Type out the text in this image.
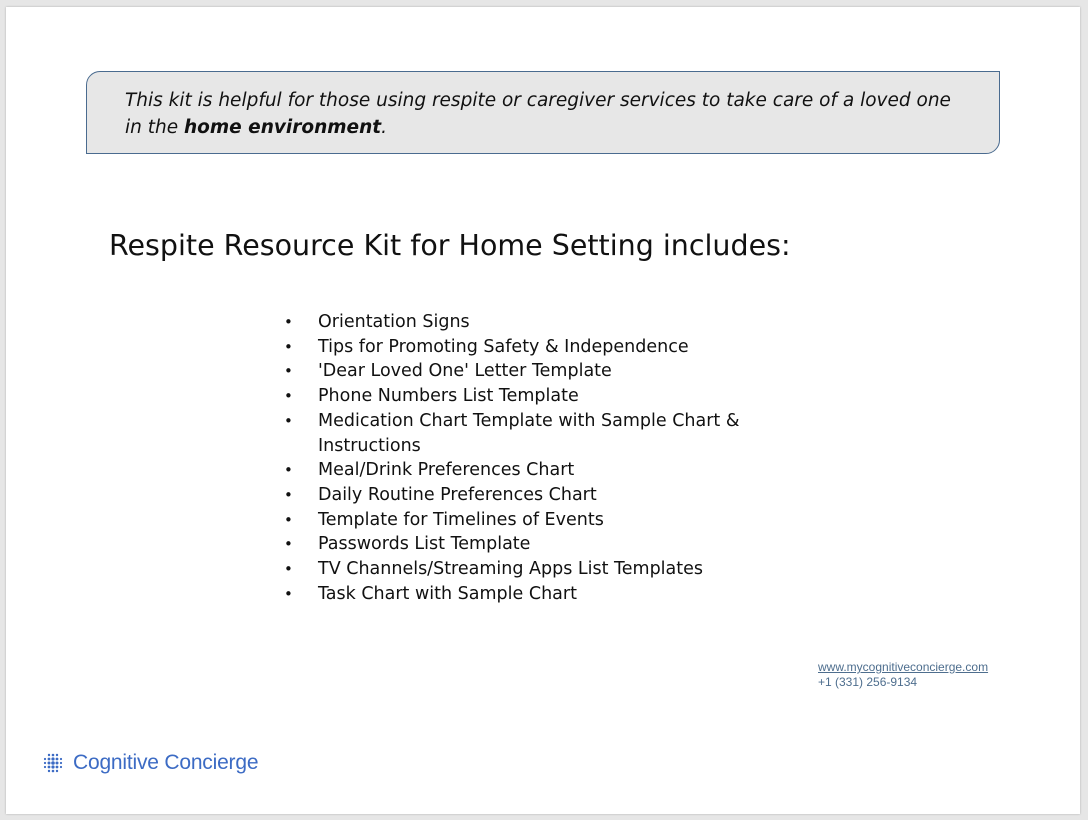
This kit is helpful for those using respite or caregiver services to take care of a loved one in the home environment.
Respite Resource Kit for Home Setting includes:
• Orientation Signs
• Tips for Promoting Safety & Independence
• 'Dear Loved One' Letter Template
• Phone Numbers List Template
• Medication Chart Template with Sample Chart & Instructions
• Meal/Drink Preferences Chart
• Daily Routine Preferences Chart
• Template for Timelines of Events
• Passwords List Template
• TV Channels/Streaming Apps List Templates
• Task Chart with Sample Chart
www.mycognitiveconcierge.com
+1 (331) 256-9134
Cognitive Concierge
